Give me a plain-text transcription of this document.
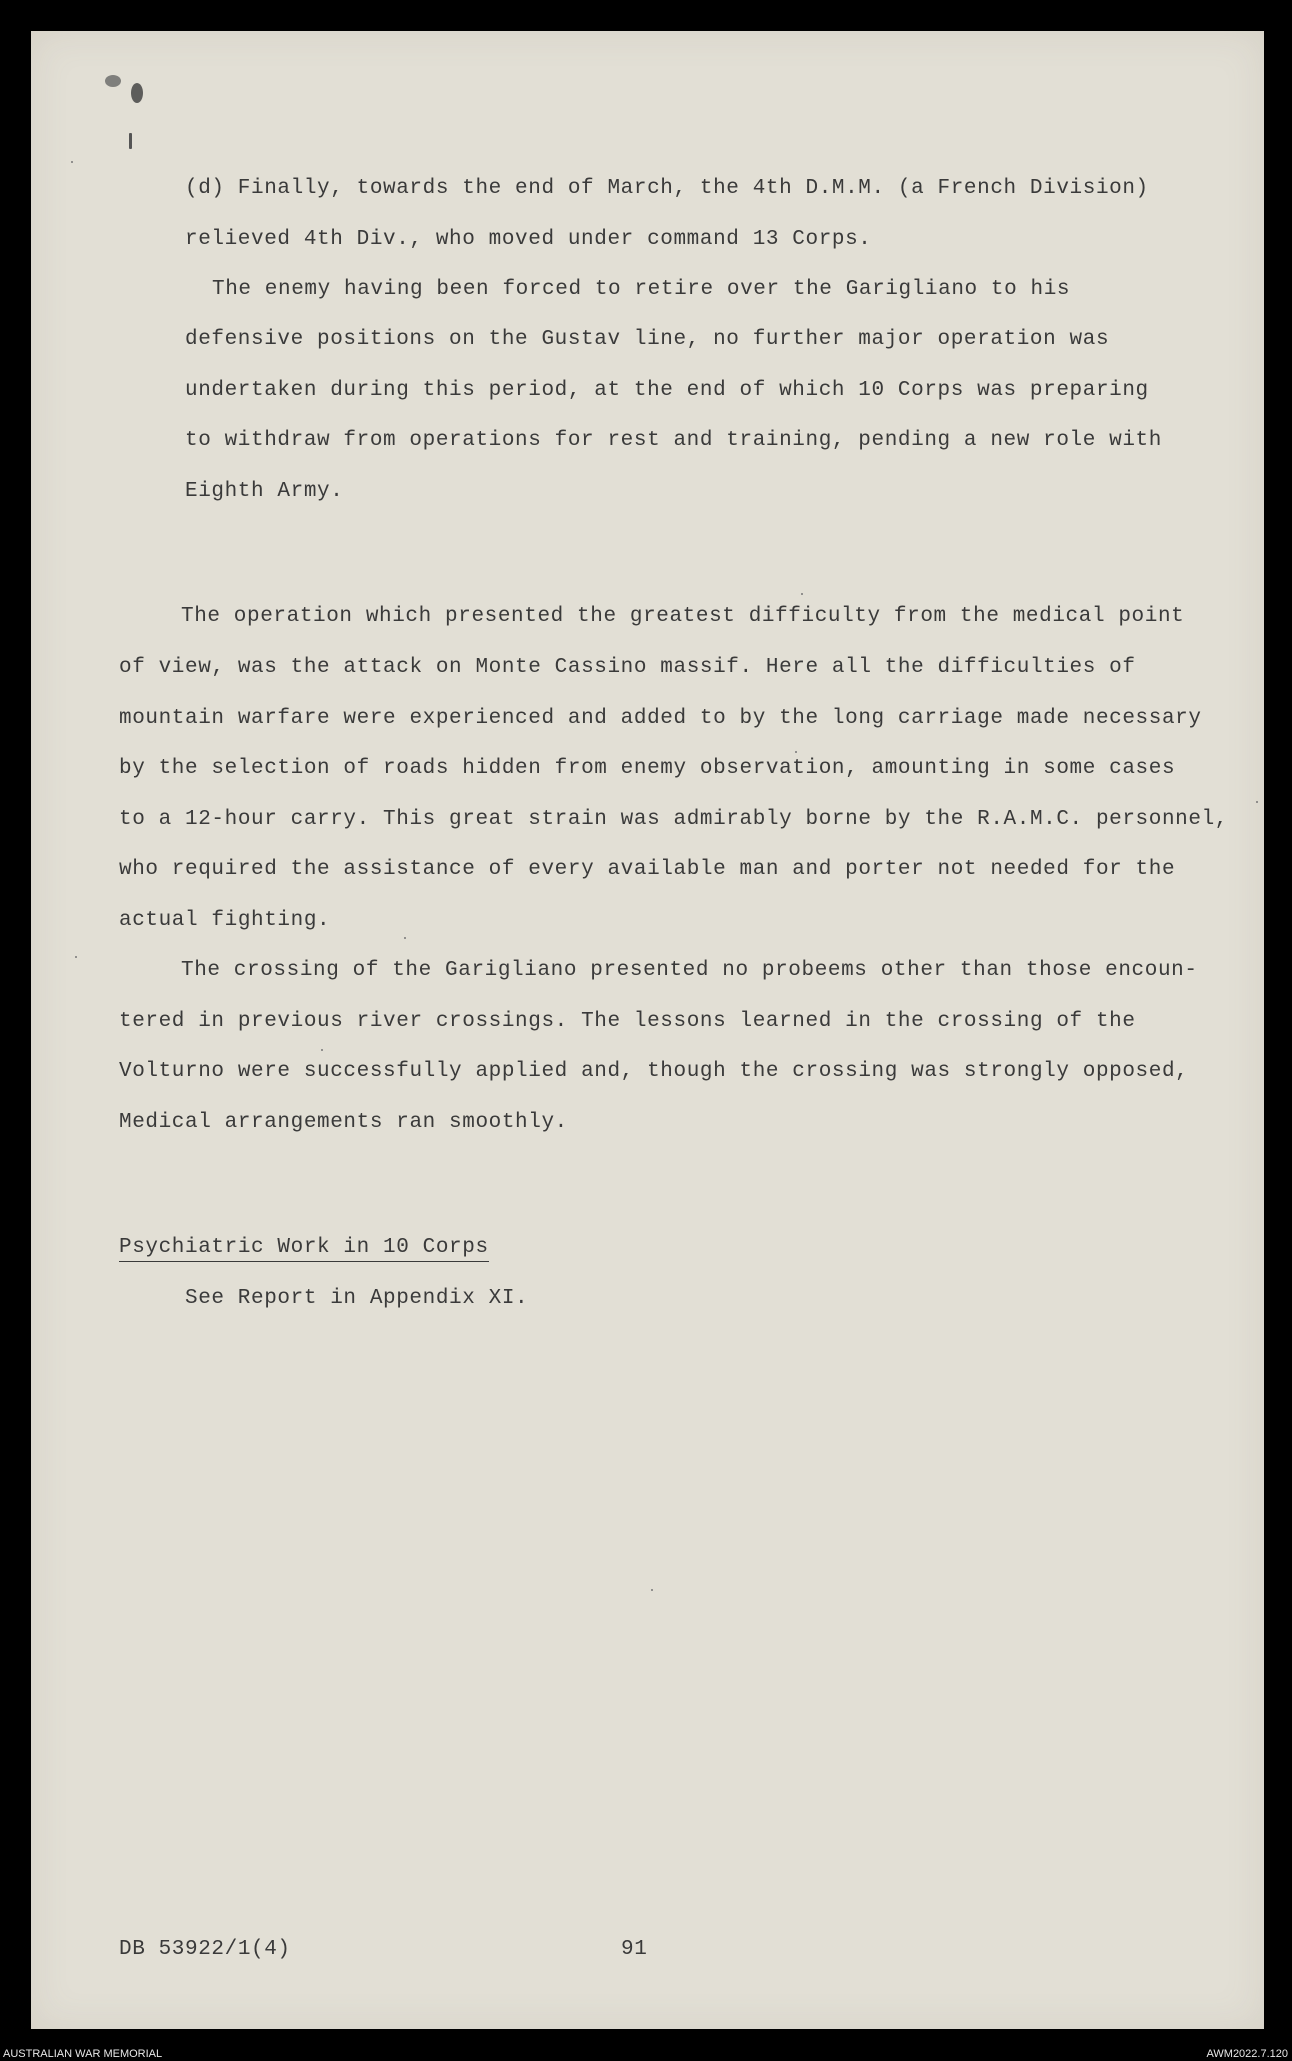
(d) Finally, towards the end of March, the 4th D.M.M. (a French Division)
relieved 4th Div., who moved under command 13 Corps.
The enemy having been forced to retire over the Garigliano to his
defensive positions on the Gustav line, no further major operation was
undertaken during this period, at the end of which 10 Corps was preparing
to withdraw from operations for rest and training, pending a new role with
Eighth Army.
The operation which presented the greatest difficulty from the medical point
of view, was the attack on Monte Cassino massif. Here all the difficulties of
mountain warfare were experienced and added to by the long carriage made necessary
by the selection of roads hidden from enemy observation, amounting in some cases
to a 12-hour carry. This great strain was admirably borne by the R.A.M.C. personnel,
who required the assistance of every available man and porter not needed for the
actual fighting.
The crossing of the Garigliano presented no probeems other than those encoun-
tered in previous river crossings. The lessons learned in the crossing of the
Volturno were successfully applied and, though the crossing was strongly opposed,
Medical arrangements ran smoothly.
Psychiatric Work in 10 Corps
See Report in Appendix XI.
DB 53922/1(4)	91
AUSTRALIAN WAR MEMORIAL	AWM2022.7.120
